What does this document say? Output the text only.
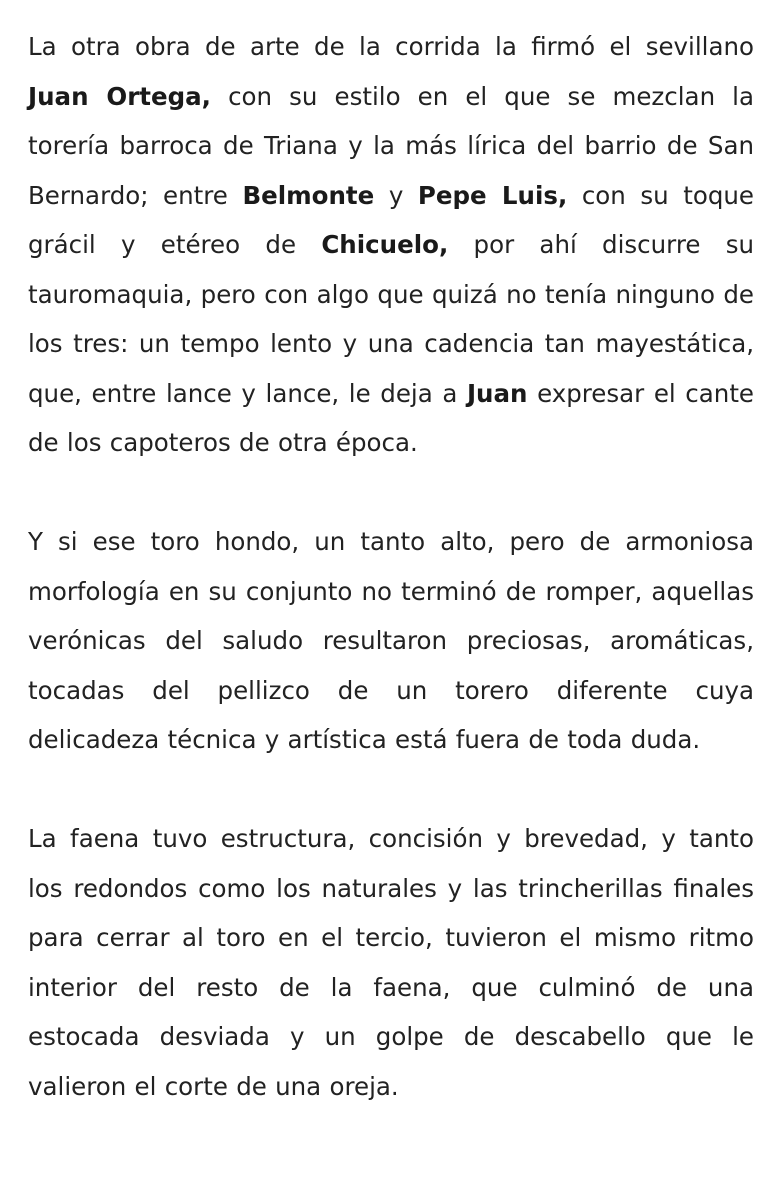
La otra obra de arte de la corrida la firmó el sevillano Juan Ortega, con su estilo en el que se mezclan la torería barroca de Triana y la más lírica del barrio de San Bernardo; entre Belmonte y Pepe Luis, con su toque grácil y etéreo de Chicuelo, por ahí discurre su tauromaquia, pero con algo que quizá no tenía ninguno de los tres: un tempo lento y una cadencia tan mayestática, que, entre lance y lance, le deja a Juan expresar el cante de los capoteros de otra época.

Y si ese toro hondo, un tanto alto, pero de armoniosa morfología en su conjunto no terminó de romper, aquellas verónicas del saludo resultaron preciosas, aromáticas, tocadas del pellizco de un torero diferente cuya delicadeza técnica y artística está fuera de toda duda.

La faena tuvo estructura, concisión y brevedad, y tanto los redondos como los naturales y las trincherillas finales para cerrar al toro en el tercio, tuvieron el mismo ritmo interior del resto de la faena, que culminó de una estocada desviada y un golpe de descabello que le valieron el corte de una oreja.
